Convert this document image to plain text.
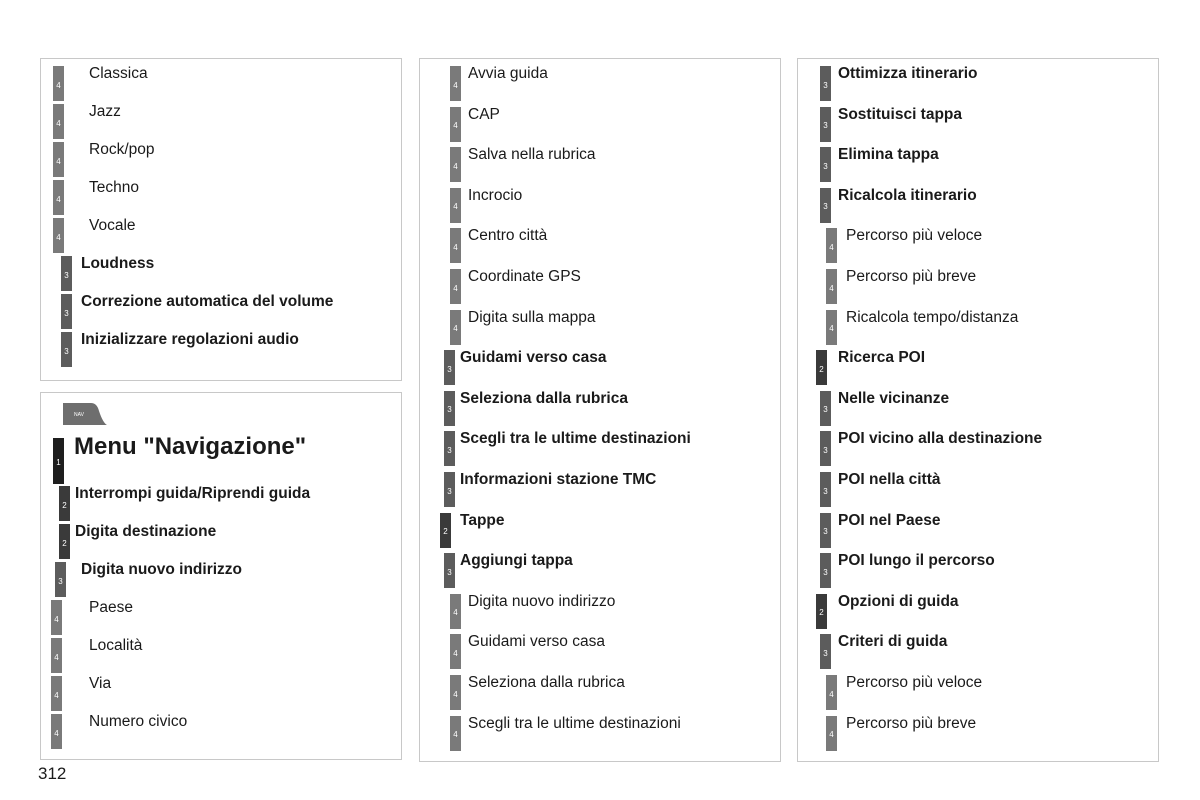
4
Classica
4
Jazz
4
Rock/pop
4
Techno
4
Vocale
3
Loudness
3
Correzione automatica del volume
3
Inizializzare regolazioni audio
NAV
1
Menu "Navigazione"
2
Interrompi guida/Riprendi guida
2
Digita destinazione
3
Digita nuovo indirizzo
4
Paese
4
Località
4
Via
4
Numero civico
4
Avvia guida
4
CAP
4
Salva nella rubrica
4
Incrocio
4
Centro città
4
Coordinate GPS
4
Digita sulla mappa
3
Guidami verso casa
3
Seleziona dalla rubrica
3
Scegli tra le ultime destinazioni
3
Informazioni stazione TMC
2
Tappe
3
Aggiungi tappa
4
Digita nuovo indirizzo
4
Guidami verso casa
4
Seleziona dalla rubrica
4
Scegli tra le ultime destinazioni
3
Ottimizza itinerario
3
Sostituisci tappa
3
Elimina tappa
3
Ricalcola itinerario
4
Percorso più veloce
4
Percorso più breve
4
Ricalcola tempo/distanza
2
Ricerca POI
3
Nelle vicinanze
3
POI vicino alla destinazione
3
POI nella città
3
POI nel Paese
3
POI lungo il percorso
2
Opzioni di guida
3
Criteri di guida
4
Percorso più veloce
4
Percorso più breve
312
